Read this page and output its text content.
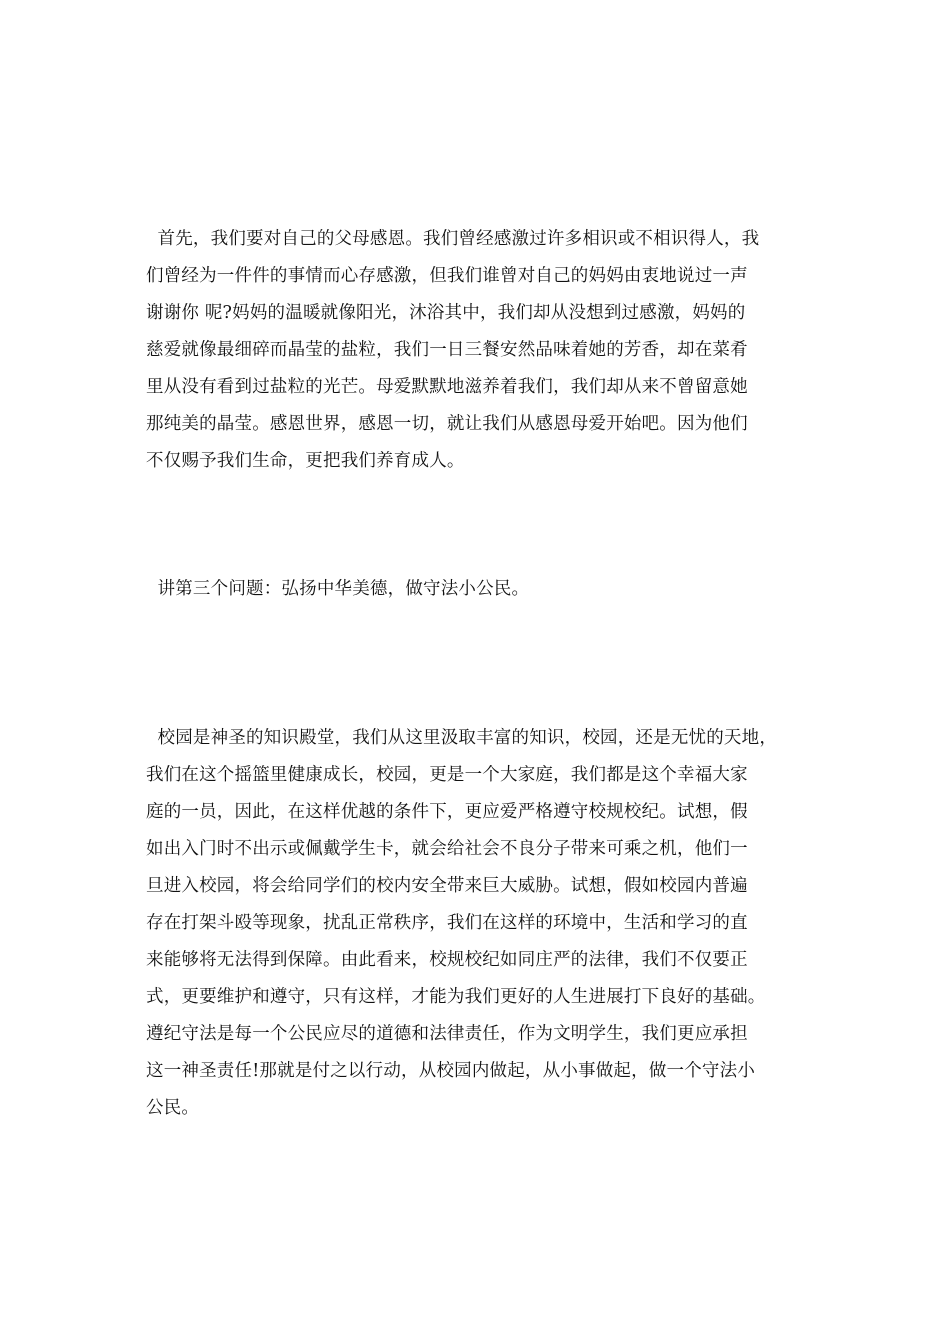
首先，我们要对自己的父母感恩。我们曾经感激过许多相识或不相识得人，我
们曾经为一件件的事情而心存感激，但我们谁曾对自己的妈妈由衷地说过一声
谢谢你 呢?妈妈的温暖就像阳光，沐浴其中，我们却从没想到过感激，妈妈的
慈爱就像最细碎而晶莹的盐粒，我们一日三餐安然品味着她的芳香，却在菜肴
里从没有看到过盐粒的光芒。母爱默默地滋养着我们，我们却从来不曾留意她
那纯美的晶莹。感恩世界，感恩一切，就让我们从感恩母爱开始吧。因为他们
不仅赐予我们生命，更把我们养育成人。
讲第三个问题：弘扬中华美德，做守法小公民。
校园是神圣的知识殿堂，我们从这里汲取丰富的知识，校园，还是无忧的天地，
我们在这个摇篮里健康成长，校园，更是一个大家庭，我们都是这个幸福大家
庭的一员，因此，在这样优越的条件下，更应爱严格遵守校规校纪。试想，假
如出入门时不出示或佩戴学生卡，就会给社会不良分子带来可乘之机，他们一
旦进入校园，将会给同学们的校内安全带来巨大威胁。试想，假如校园内普遍
存在打架斗殴等现象，扰乱正常秩序，我们在这样的环境中，生活和学习的直
来能够将无法得到保障。由此看来，校规校纪如同庄严的法律，我们不仅要正
式，更要维护和遵守，只有这样，才能为我们更好的人生进展打下良好的基础。
遵纪守法是每一个公民应尽的道德和法律责任，作为文明学生，我们更应承担
这一神圣责任!那就是付之以行动，从校园内做起，从小事做起，做一个守法小
公民。
